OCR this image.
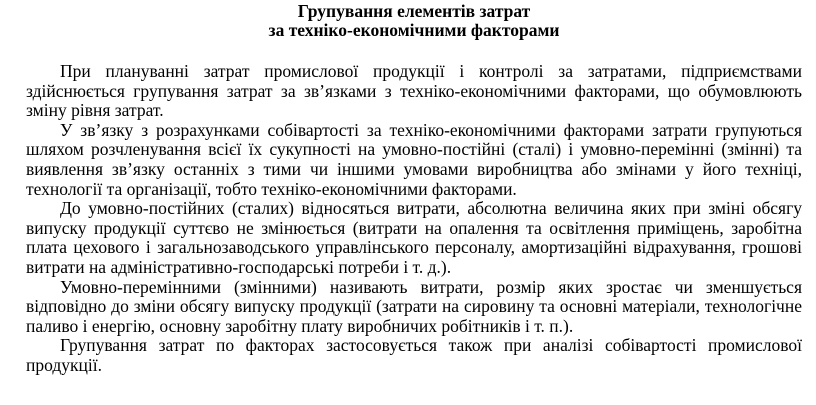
Групування елементів затрат
за техніко-економічними факторами

При плануванні затрат промислової продукції і контролі за затратами, підприємствами здійснюється групування затрат за зв’язками з техніко-економічними факторами, що обумовлюють зміну рівня затрат.

У зв’язку з розрахунками собівартості за техніко-економічними факторами затрати групуються шляхом розчленування всієї їх сукупності на умовно-постійні (сталі) і умовно-перемінні (змінні) та виявлення зв’язку останніх з тими чи іншими умовами виробництва або змінами у його техніці, технології та організації, тобто техніко-економічними факторами.

До умовно-постійних (сталих) відносяться витрати, абсолютна величина яких при зміні обсягу випуску продукції суттєво не змінюється (витрати на опалення та освітлення приміщень, заробітна плата цехового і загальнозаводського управлінського персоналу, амортизаційні відрахування, грошові витрати на адміністративно-господарські потреби і т. д.).

Умовно-перемінними (змінними) називають витрати, розмір яких зростає чи зменшується відповідно до зміни обсягу випуску продукції (затрати на сировину та основні матеріали, технологічне паливо і енергію, основну заробітну плату виробничих робітників і т. п.).

Групування затрат по факторах застосовується також при аналізі собівартості промислової продукції.
